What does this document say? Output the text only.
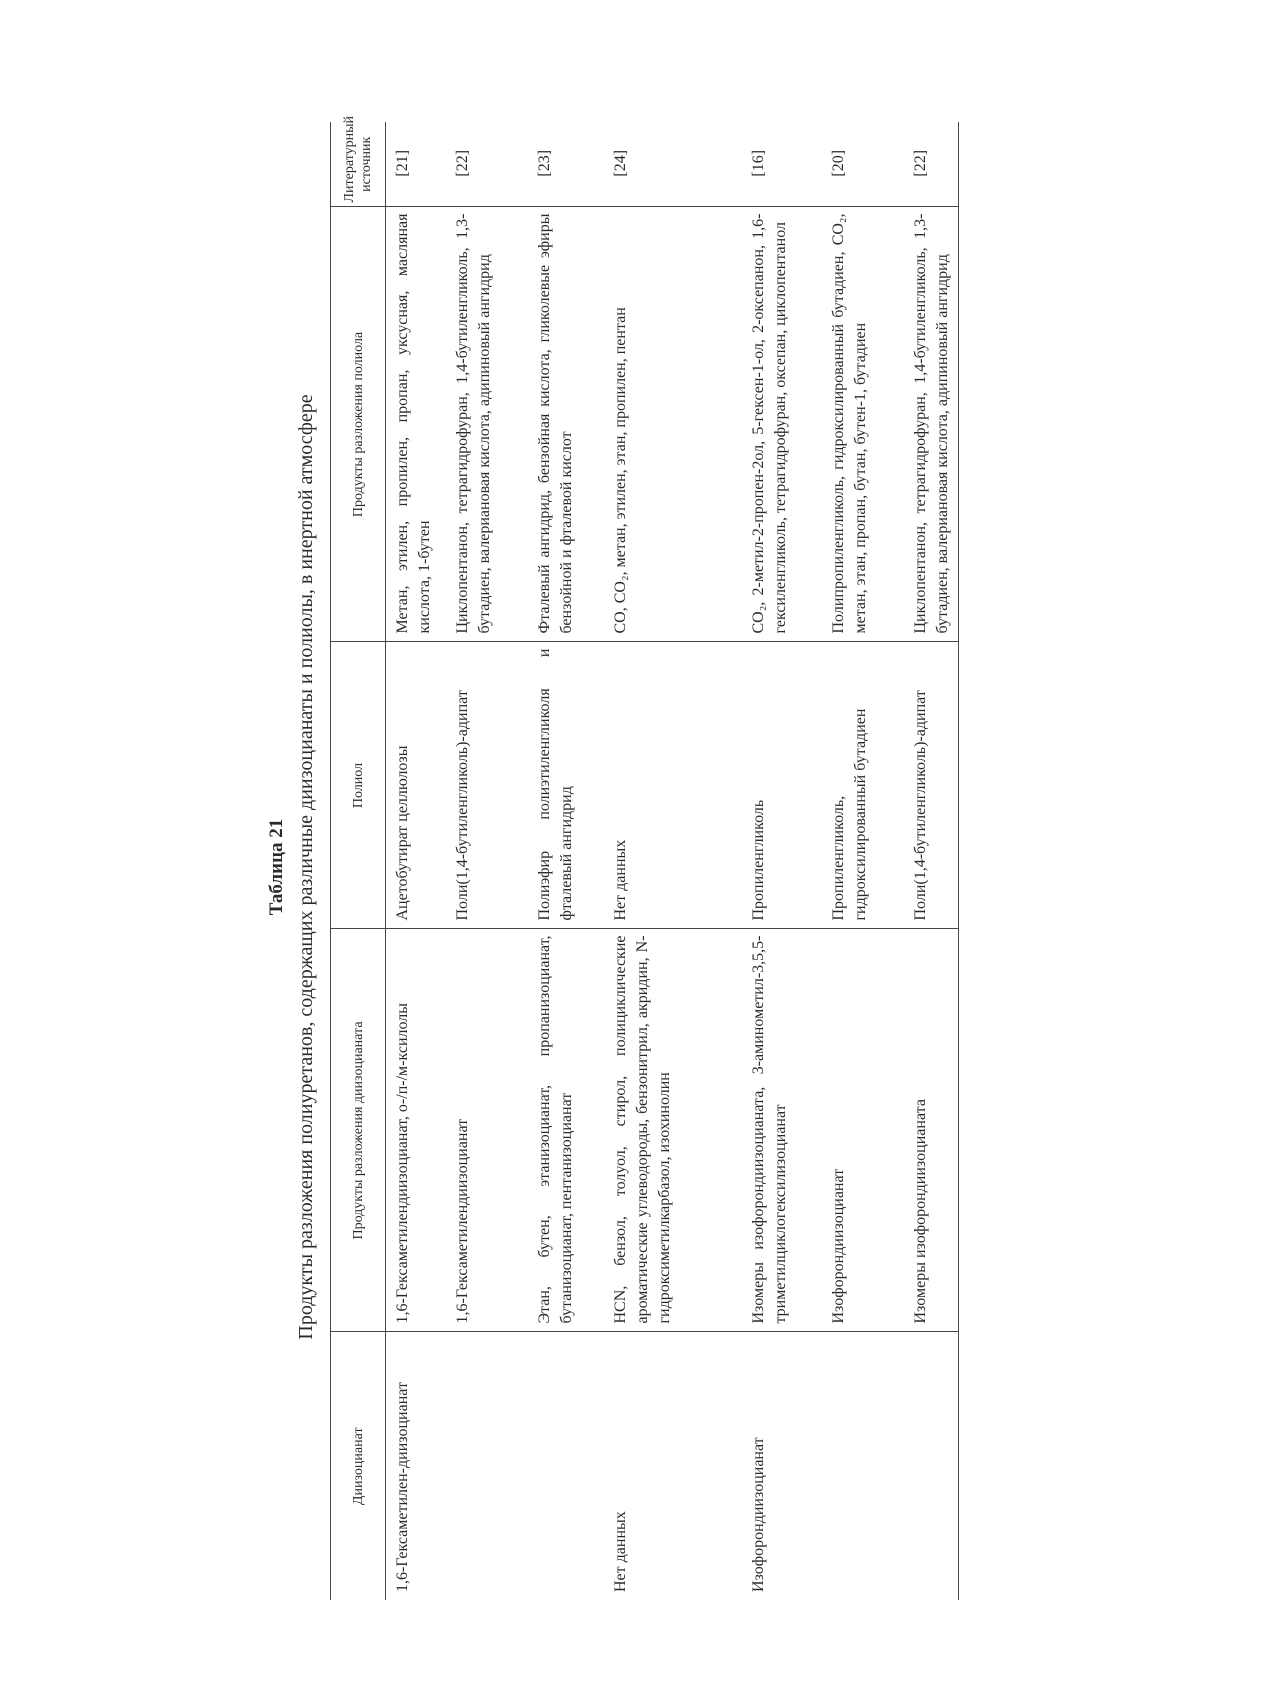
Таблица 21 Продукты разложения полиуретанов, содержащих различные диизоцианаты и полиолы, в инертной атмосфере
Диизоцианат	Продукты разложения диизоцианата	Полиол	Продукты разложения полиола	Литературный источник
1,6-Гексаметилен-диизоцианат	1,6-Гексаметилендиизоцианат, о-/п-/м-ксилолы	Ацетобутират целлюлозы	Метан, этилен, пропилен, пропан, уксусная, масляная кислота, 1-бутен	[21]
	1,6-Гексаметилендиизоцианат	Поли(1,4-бутиленгликоль)-адипат	Циклопентанон, тетрагидрофуран, 1,4-бутиленгликоль, 1,3-бутадиен, валериановая кислота, адипиновый ангидрид	[22]
	Этан, бутен, этанизоцианат, пропанизоцианат, бутанизоцианат, пентанизоцианат	Полиэфир полиэтиленгликоля и фталевый ангидрид	Фталевый ангидрид, бензойная кислота, гликолевые эфиры бензойной и фталевой кислот	[23]
Нет данных	HCN, бензол, толуол, стирол, полициклические ароматические углеводороды, бензонитрил, акридин, N-гидроксиметилкарбазол, изохинолин	Нет данных	CO, CO₂, метан, этилен, этан, пропилен, пентан	[24]
Изофорондиизоцианат	Изомеры изофорондиизоцианата, 3-аминометил-3,5,5-триметилциклогексилизоцианат	Пропиленгликоль	CO₂, 2-метил-2-пропен-2ол, 5-гексен-1-ол, 2-оксепанон, 1,6-гексиленгликоль, тетрагидрофуран, оксепан, циклопентанол	[16]
	Изофорондиизоцианат	Пропиленгликоль, гидроксилированный бутадиен	Полипропиленгликоль, гидроксилированный бутадиен, CO₂, метан, этан, пропан, бутан, бутен-1, бутадиен	[20]
	Изомеры изофорондиизоцианата	Поли(1,4-бутиленгликоль)-адипат	Циклопентанон, тетрагидрофуран, 1,4-бутиленгликоль, 1,3-бутадиен, валериановая кислота, адипиновый ангидрид	[22]
